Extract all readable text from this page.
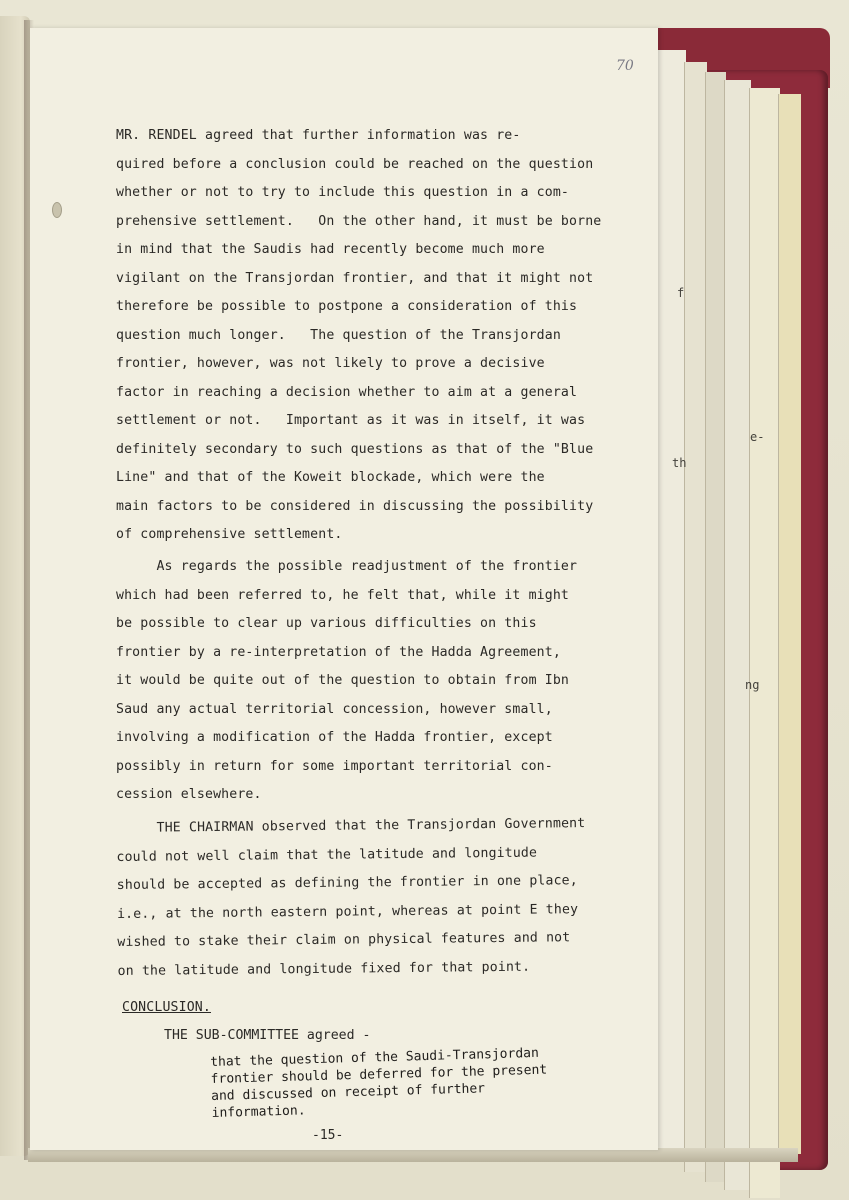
f
e-
th
ng
70
MR. RENDEL agreed that further information was re-
quired before a conclusion could be reached on the question
whether or not to try to include this question in a com-
prehensive settlement.   On the other hand, it must be borne
in mind that the Saudis had recently become much more
vigilant on the Transjordan frontier, and that it might not
therefore be possible to postpone a consideration of this
question much longer.   The question of the Transjordan
frontier, however, was not likely to prove a decisive
factor in reaching a decision whether to aim at a general
settlement or not.   Important as it was in itself, it was
definitely secondary to such questions as that of the "Blue
Line" and that of the Koweit blockade, which were the
main factors to be considered in discussing the possibility
of comprehensive settlement.
As regards the possible readjustment of the frontier
which had been referred to, he felt that, while it might
be possible to clear up various difficulties on this
frontier by a re-interpretation of the Hadda Agreement,
it would be quite out of the question to obtain from Ibn
Saud any actual territorial concession, however small,
involving a modification of the Hadda frontier, except
possibly in return for some important territorial con-
cession elsewhere.
THE CHAIRMAN observed that the Transjordan Government
could not well claim that the latitude and longitude
should be accepted as defining the frontier in one place,
i.e., at the north eastern point, whereas at point E they
wished to stake their claim on physical features and not
on the latitude and longitude fixed for that point.
CONCLUSION.
THE SUB-COMMITTEE agreed -
that the question of the Saudi-Transjordan
frontier should be deferred for the present
and discussed on receipt of further
information.
-15-
